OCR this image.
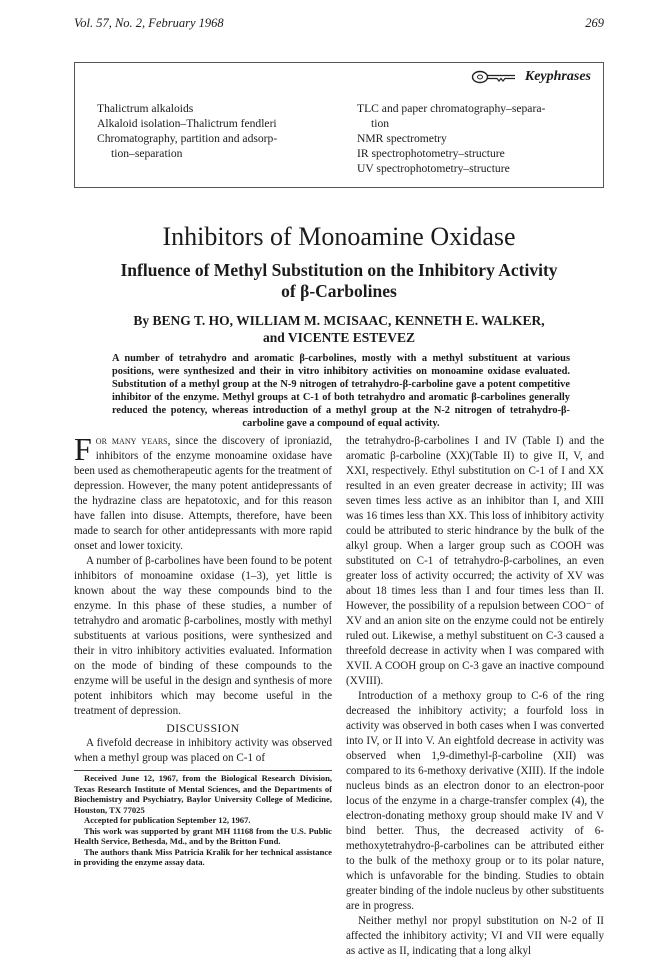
Vol. 57, No. 2, February 1968	269
Keyphrases
Thalictrum alkaloids
Alkaloid isolation–Thalictrum fendleri
Chromatography, partition and adsorp-
tion–separation
TLC and paper chromatography–separa-
tion
NMR spectrometry
IR spectrophotometry–structure
UV spectrophotometry–structure
Inhibitors of Monoamine Oxidase
Influence of Methyl Substitution on the Inhibitory Activity
of β-Carbolines
By BENG T. HO, WILLIAM M. MCISAAC, KENNETH E. WALKER,
and VICENTE ESTEVEZ
A number of tetrahydro and aromatic β-carbolines, mostly with a methyl substituent at various positions, were synthesized and their in vitro inhibitory activities on monoamine oxidase evaluated. Substitution of a methyl group at the N-9 nitrogen of tetrahydro-β-carboline gave a potent competitive inhibitor of the enzyme. Methyl groups at C-1 of both tetrahydro and aromatic β-carbolines generally reduced the potency, whereas introduction of a methyl group at the N-2 nitrogen of tetrahydro-β-carboline gave a compound of equal activity.

For many years, since the discovery of iproniazid, inhibitors of the enzyme monoamine oxidase have been used as chemotherapeutic agents for the treatment of depression. However, the many potent antidepressants of the hydrazine class are hepatotoxic, and for this reason have fallen into disuse. Attempts, therefore, have been made to search for other antidepressants with more rapid onset and lower toxicity.

A number of β-carbolines have been found to be potent inhibitors of monoamine oxidase (1–3), yet little is known about the way these compounds bind to the enzyme. In this phase of these studies, a number of tetrahydro and aromatic β-carbolines, mostly with methyl substituents at various positions, were synthesized and their in vitro inhibitory activities evaluated. Information on the mode of binding of these compounds to the enzyme will be useful in the design and synthesis of more potent inhibitors which may become useful in the treatment of depression.

DISCUSSION

A fivefold decrease in inhibitory activity was observed when a methyl group was placed on C-1 of

Received June 12, 1967, from the Biological Research Division, Texas Research Institute of Mental Sciences, and the Departments of Biochemistry and Psychiatry, Baylor University College of Medicine, Houston, TX 77025
Accepted for publication September 12, 1967.
This work was supported by grant MH 11168 from the U.S. Public Health Service, Bethesda, Md., and by the Britton Fund.
The authors thank Miss Patricia Kralik for her technical assistance in providing the enzyme assay data.

the tetrahydro-β-carbolines I and IV (Table I) and the aromatic β-carboline (XX)(Table II) to give II, V, and XXI, respectively. Ethyl substitution on C-1 of I and XX resulted in an even greater decrease in activity; III was seven times less active as an inhibitor than I, and XIII was 16 times less than XX. This loss of inhibitory activity could be attributed to steric hindrance by the bulk of the alkyl group. When a larger group such as COOH was substituted on C-1 of tetrahydro-β-carbolines, an even greater loss of activity occurred; the activity of XV was about 18 times less than I and four times less than II. However, the possibility of a repulsion between COO⁻ of XV and an anion site on the enzyme could not be entirely ruled out. Likewise, a methyl substituent on C-3 caused a threefold decrease in activity when I was compared with XVII. A COOH group on C-3 gave an inactive compound (XVIII).

Introduction of a methoxy group to C-6 of the ring decreased the inhibitory activity; a fourfold loss in activity was observed in both cases when I was converted into IV, or II into V. An eightfold decrease in activity was observed when 1,9-dimethyl-β-carboline (XII) was compared to its 6-methoxy derivative (XIII). If the indole nucleus binds as an electron donor to an electron-poor locus of the enzyme in a charge-transfer complex (4), the electron-donating methoxy group should make IV and V bind better. Thus, the decreased activity of 6-methoxytetrahydro-β-carbolines can be attributed either to the bulk of the methoxy group or to its polar nature, which is unfavorable for the binding. Studies to obtain greater binding of the indole nucleus by other substituents are in progress.

Neither methyl nor propyl substitution on N-2 of II affected the inhibitory activity; VI and VII were equally as active as II, indicating that a long alkyl
